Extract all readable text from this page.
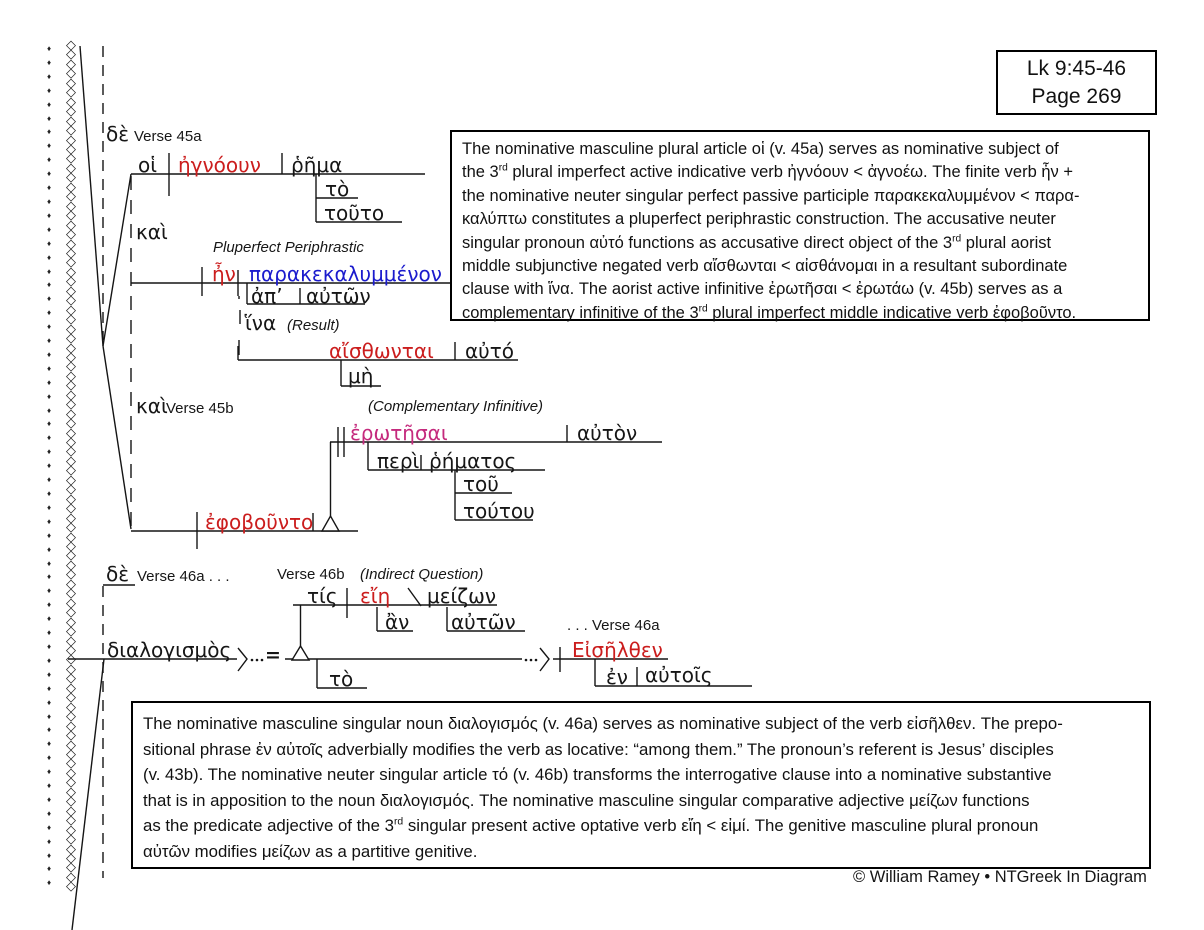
♦
♦
♦
♦
♦
♦
♦
♦
♦
♦
♦
♦
♦
♦
♦
♦
♦
♦
♦
♦
♦
♦
♦
♦
♦
♦
♦
♦
♦
♦
♦
♦
♦
♦
♦
♦
♦
♦
♦
♦
♦
♦
♦
♦
♦
♦
♦
♦
♦
♦
♦
♦
♦
♦
♦
♦
♦
♦
♦
♦
♦

◇
◇
◇
◇
◇
◇
◇
◇
◇
◇
◇
◇
◇
◇
◇
◇
◇
◇
◇
◇
◇
◇
◇
◇
◇
◇
◇
◇
◇
◇
◇
◇
◇
◇
◇
◇
◇
◇
◇
◇
◇
◇
◇
◇
◇
◇
◇
◇
◇
◇
◇
◇
◇
◇
◇
◇
◇
◇
◇
◇
◇
◇
◇
◇
◇
◇
◇
◇
◇
◇
◇
◇
◇
◇
◇
◇
◇
◇
◇
◇
◇
◇
◇
◇
◇
◇
◇
◇
◇
◇

Lk 9:45-46
Page 269
δὲ Verse 45a
οἱ ἠγνόουν ῥῆμα
τὸ
τοῦτο
καὶ
Pluperfect Periphrastic
ἦν παρακεκαλυμμένον
ἀπ’ αὐτῶν
ἵνα (Result)
αἴσθωνται αὐτό
μὴ
καὶ
Verse 45b	(Complementary Infinitive)
ἐρωτῆσαι	αὐτὸν
περὶ ῥήματος
τοῦ
τούτου
ἐφοβοῦντο
δὲ Verse 46a . . .	Verse 46b (Indirect Question)
τίς εἴη μείζων
ἂν αὐτῶν
διαλογισμὸς =
τὸ
. . . Verse 46a
Εἰσῆλθεν
ἐν αὐτοῖς
The nominative masculine plural article οἱ (v. 45a) serves as nominative subject of
the 3rd plural imperfect active indicative verb ἠγνόουν < ἀγνοέω. The finite verb ἦν +
the nominative neuter singular perfect passive participle παρακεκαλυμμένον < παρα-
καλύπτω constitutes a pluperfect periphrastic construction. The accusative neuter
singular pronoun αὐτό functions as accusative direct object of the 3rd plural aorist
middle subjunctive negated verb αἴσθωνται < αἰσθάνομαι in a resultant subordinate
clause with ἵνα. The aorist active infinitive ἐρωτῆσαι < ἐρωτάω (v. 45b) serves as a
complementary infinitive of the 3rd plural imperfect middle indicative verb ἐφοβοῦντο.
The nominative masculine singular noun διαλογισμός (v. 46a) serves as nominative subject of the verb εἰσῆλθεν. The prepo-
sitional phrase ἐν αὐτοῖς adverbially modifies the verb as locative: “among them.” The pronoun’s referent is Jesus’ disciples
(v. 43b). The nominative neuter singular article τό (v. 46b) transforms the interrogative clause into a nominative substantive
that is in apposition to the noun διαλογισμός. The nominative masculine singular comparative adjective μείζων functions
as the predicate adjective of the 3rd singular present active optative verb εἴη < εἰμί. The genitive masculine plural pronoun
αὐτῶν modifies μείζων as a partitive genitive.
© William Ramey • NTGreek In Diagram
